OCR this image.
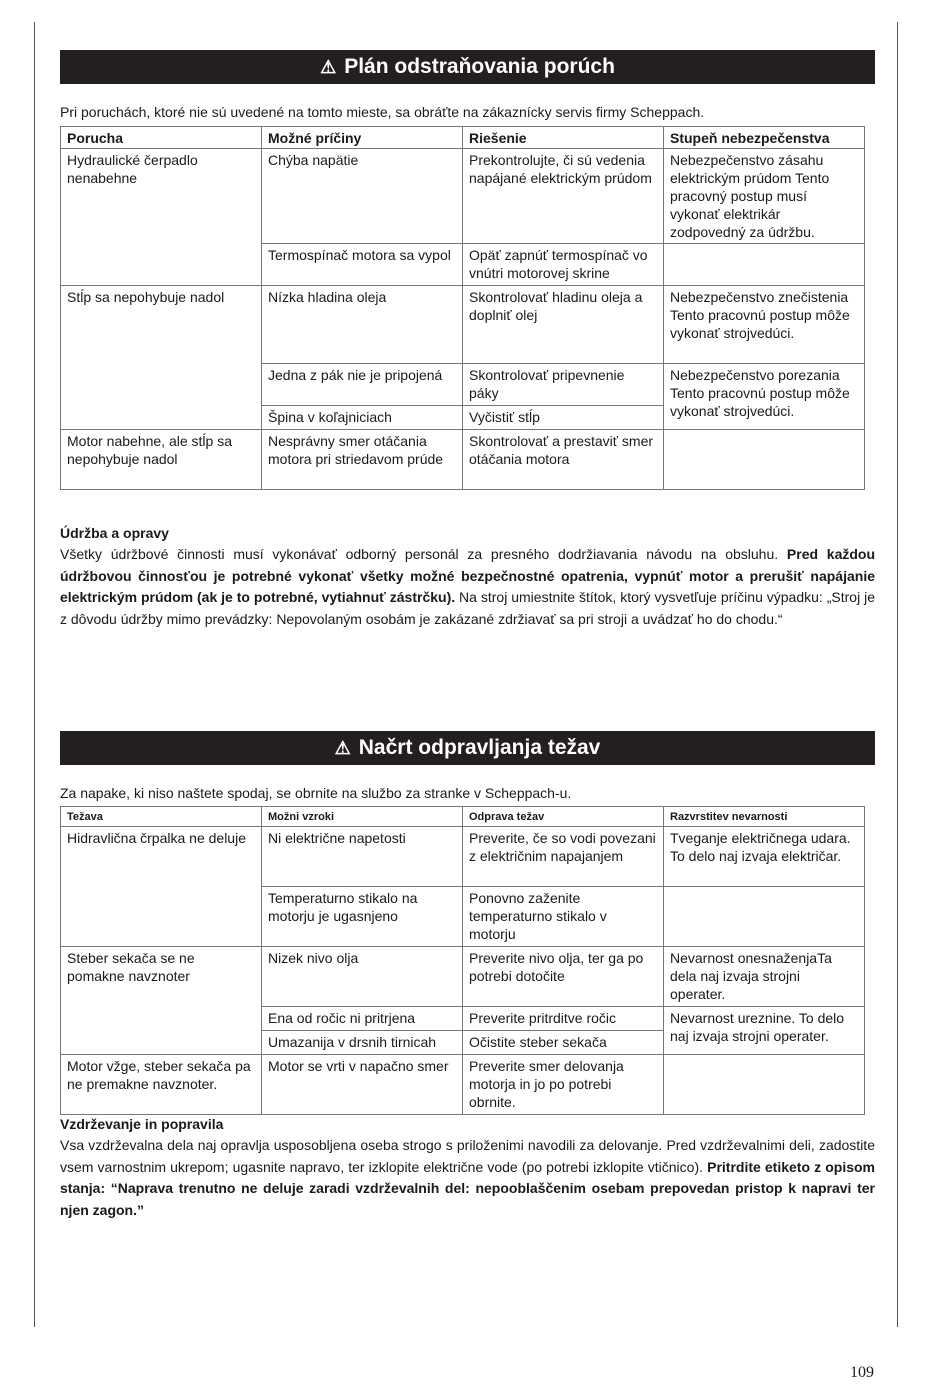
⚠ Plán odstraňovania porúch

Pri poruchách, ktoré nie sú uvedené na tomto mieste, sa obráťte na zákaznícky servis firmy Scheppach.

Porucha	Možné príčiny	Riešenie	Stupeň nebezpečenstva
Hydraulické čerpadlo nenabehne	Chýba napätie	Prekontrolujte, či sú vedenia napájané elektrickým prúdom	Nebezpečenstvo zásahu elektrickým prúdom Tento pracovný postup musí vykonať elektrikár zodpovedný za údržbu.
	Termospínač motora sa vypol	Opäť zapnúť termospínač vo vnútri motorovej skrine	
Stĺp sa nepohybuje nadol	Nízka hladina oleja	Skontrolovať hladinu oleja a doplniť olej	Nebezpečenstvo znečistenia Tento pracovnú postup môže vykonať strojvedúci.
	Jedna z pák nie je pripojená	Skontrolovať pripevnenie páky	Nebezpečenstvo porezania Tento pracovnú postup môže vykonať strojvedúci.
	Špina v koľajniciach	Vyčistiť stĺp	
Motor nabehne, ale stĺp sa nepohybuje nadol	Nesprávny smer otáčania motora pri striedavom prúde	Skontrolovať a prestaviť smer otáčania motora	

Údržba a opravy

Všetky údržbové činnosti musí vykonávať odborný personál za presného dodržiavania návodu na obsluhu. Pred každou údržbovou činnosťou je potrebné vykonať všetky možné bezpečnostné opatrenia, vypnúť motor a prerušiť napájanie elektrickým prúdom (ak je to potrebné, vytiahnuť zástrčku). Na stroj umiestnite štítok, ktorý vysvetľuje príčinu výpadku: „Stroj je z dôvodu údržby mimo prevádzky: Nepovolaným osobám je zakázané zdržiavať sa pri stroji a uvádzať ho do chodu.“

⚠ Načrt odpravljanja težav

Za napake, ki niso naštete spodaj, se obrnite na službo za stranke v Scheppach-u.

Težava	Možni vzroki	Odprava težav	Razvrstitev nevarnosti
Hidravlična črpalka ne deluje	Ni električne napetosti	Preverite, če so vodi povezani z električnim napajanjem	Tveganje električnega udara. To delo naj izvaja električar.
	Temperaturno stikalo na motorju je ugasnjeno	Ponovno zaženite temperaturno stikalo v motorju	
Steber sekača se ne pomakne navznoter	Nizek nivo olja	Preverite nivo olja, ter ga po potrebi dotočite	Nevarnost onesnaženjaTa dela naj izvaja strojni operater.
	Ena od ročic ni pritrjena	Preverite pritrditve ročic	Nevarnost ureznine. To delo naj izvaja strojni operater.
	Umazanija v drsnih tirnicah	Očistite steber sekača	
Motor vžge, steber sekača pa ne premakne navznoter.	Motor se vrti v napačno smer	Preverite smer delovanja motorja in jo po potrebi obrnite.	

Vzdrževanje in popravila

Vsa vzdrževalna dela naj opravlja usposobljena oseba strogo s priloženimi navodili za delovanje. Pred vzdrževalnimi deli, zadostite vsem varnostnim ukrepom; ugasnite napravo, ter izklopite električne vode (po potrebi izklopite vtičnico). Pritrdite etiketo z opisom stanja: “Naprava trenutno ne deluje zaradi vzdrževalnih del: nepooblaščenim osebam prepovedan pristop k napravi ter njen zagon.”

109
